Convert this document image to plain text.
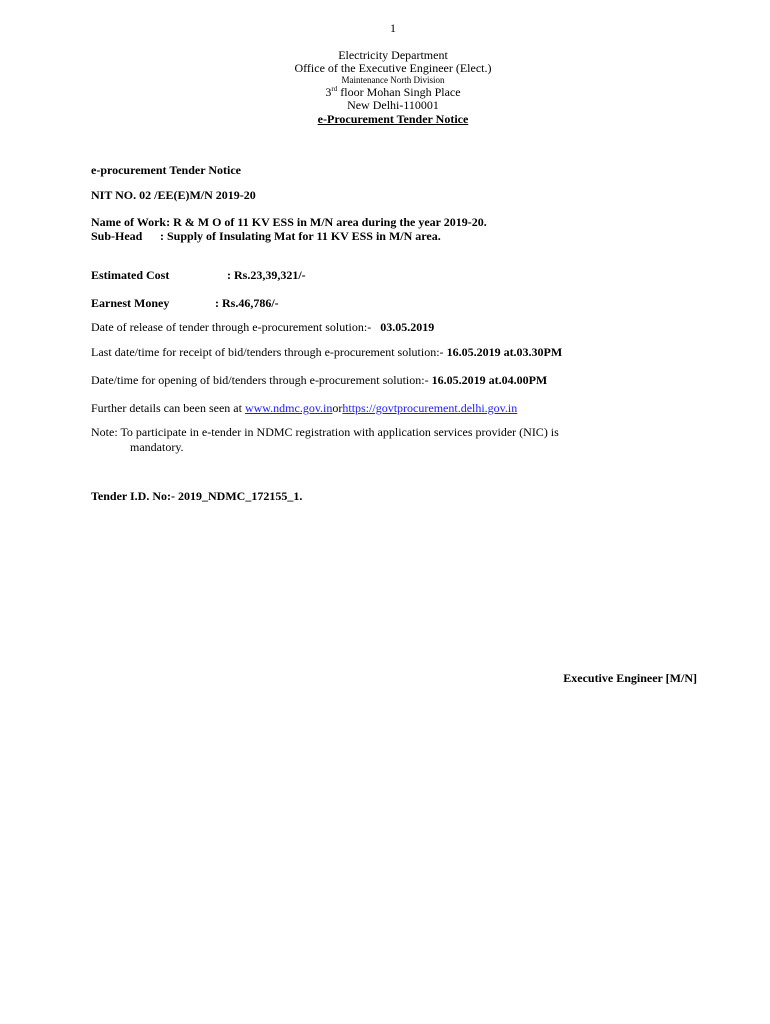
1
Electricity Department
Office of the Executive Engineer (Elect.)
Maintenance North Division
3rd floor Mohan Singh Place
New Delhi-110001
e-Procurement Tender Notice
e-procurement Tender Notice
NIT NO. 02 /EE(E)M/N 2019-20
Name of Work: R & M O of 11 KV ESS in M/N area during the year 2019-20.
Sub-Head : Supply of Insulating Mat for 11 KV ESS in M/N area.
Estimated Cost	: Rs.23,39,321/-
Earnest Money	: Rs.46,786/-
Date of release of tender through e-procurement solution:- 03.05.2019
Last date/time for receipt of bid/tenders through e-procurement solution:- 16.05.2019 at.03.30PM
Date/time for opening of bid/tenders through e-procurement solution:- 16.05.2019 at.04.00PM
Further details can been seen at www.ndmc.gov.inorhttps://govtprocurement.delhi.gov.in
Note: To participate in e-tender in NDMC registration with application services provider (NIC) is
mandatory.
Tender I.D. No:- 2019_NDMC_172155_1.
Executive Engineer [M/N]
